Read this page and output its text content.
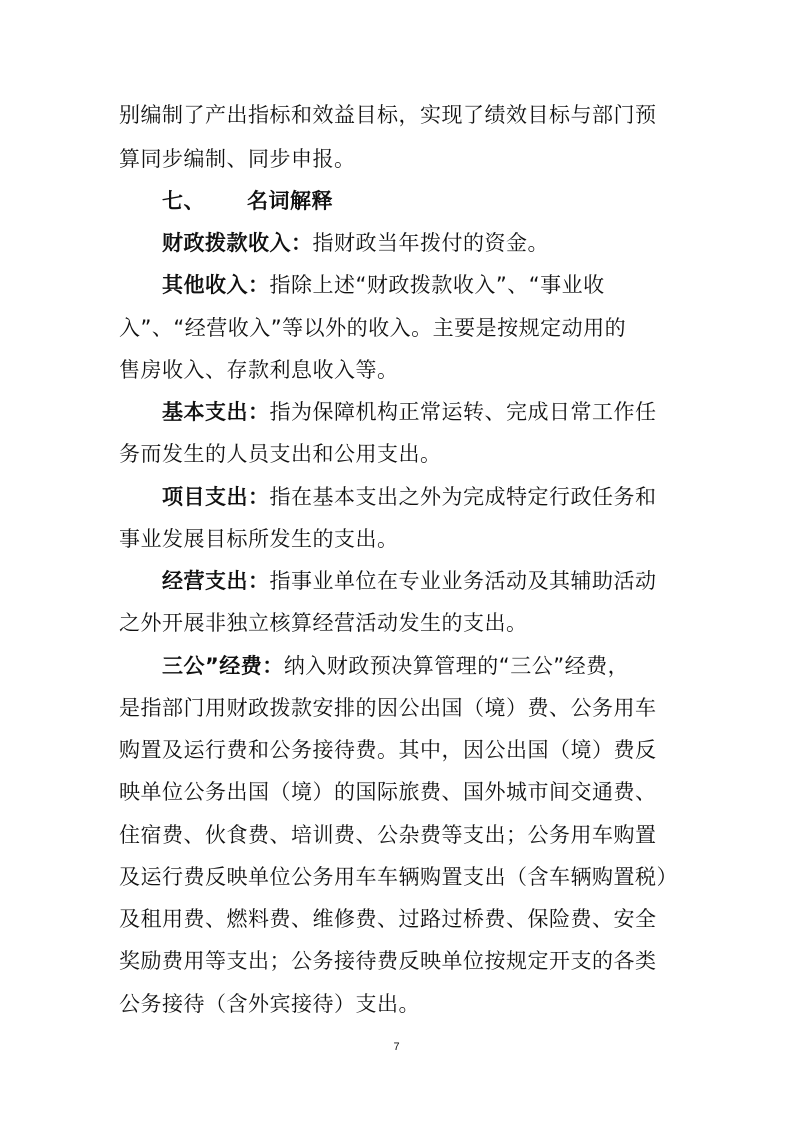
别编制了产出指标和效益目标，实现了绩效目标与部门预
算同步编制、同步申报。
七、 名词解释
财政拨款收入：指财政当年拨付的资金。
其他收入：指除上述“财政拨款收入”、“事业收
入”、“经营收入”等以外的收入。主要是按规定动用的
售房收入、存款利息收入等。
基本支出：指为保障机构正常运转、完成日常工作任
务而发生的人员支出和公用支出。
项目支出：指在基本支出之外为完成特定行政任务和
事业发展目标所发生的支出。
经营支出：指事业单位在专业业务活动及其辅助活动
之外开展非独立核算经营活动发生的支出。
三公”经费：纳入财政预决算管理的“三公”经费，
是指部门用财政拨款安排的因公出国（境）费、公务用车
购置及运行费和公务接待费。其中，因公出国（境）费反
映单位公务出国（境）的国际旅费、国外城市间交通费、
住宿费、伙食费、培训费、公杂费等支出；公务用车购置
及运行费反映单位公务用车车辆购置支出（含车辆购置税）
及租用费、燃料费、维修费、过路过桥费、保险费、安全
奖励费用等支出；公务接待费反映单位按规定开支的各类
公务接待（含外宾接待）支出。
7
